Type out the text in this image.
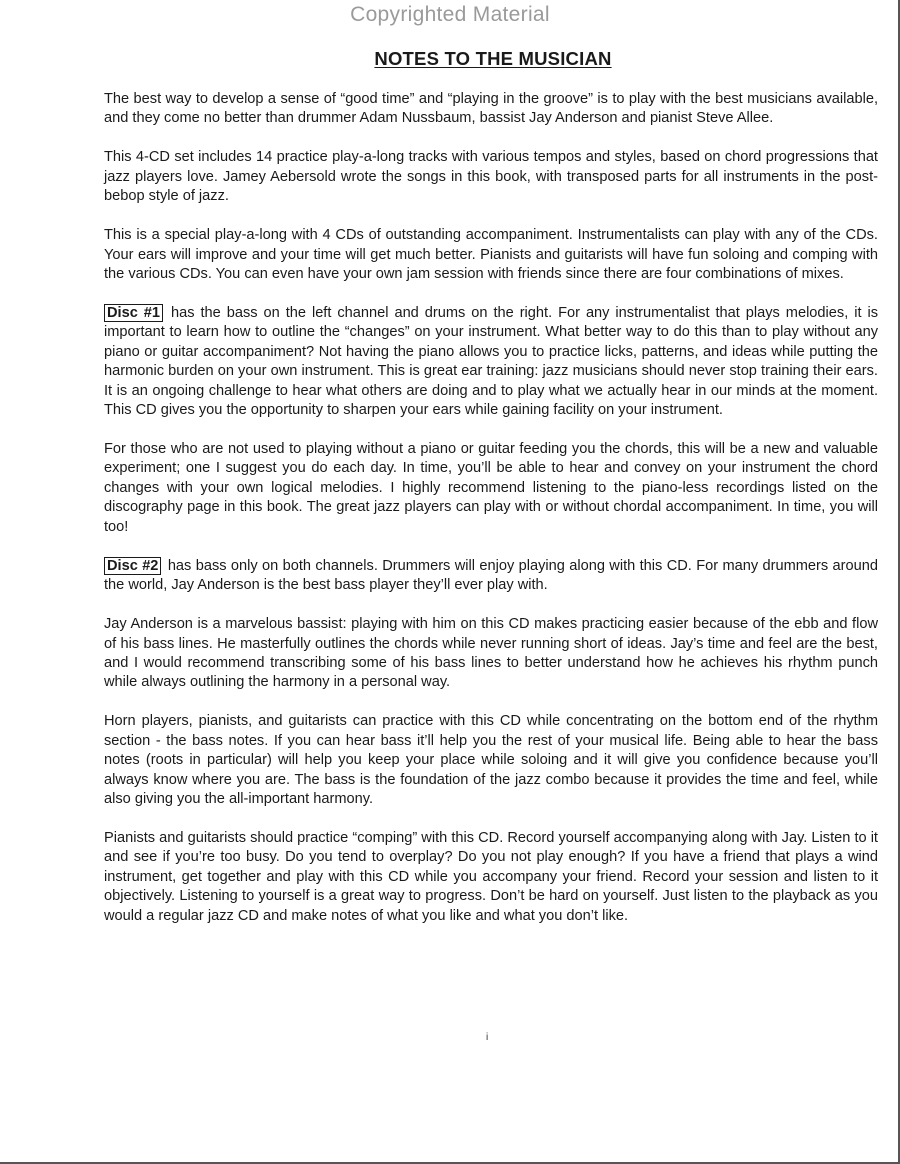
Copyrighted Material
NOTES TO THE MUSICIAN

The best way to develop a sense of “good time” and “playing in the groove” is to play with the best musicians available, and they come no better than drummer Adam Nussbaum, bassist Jay Anderson and pianist Steve Allee.

This 4-CD set includes 14 practice play-a-long tracks with various tempos and styles, based on chord progressions that jazz players love. Jamey Aebersold wrote the songs in this book, with transposed parts for all instruments in the post-bebop style of jazz.

This is a special play-a-long with 4 CDs of outstanding accompaniment. Instrumentalists can play with any of the CDs. Your ears will improve and your time will get much better. Pianists and guitarists will have fun soloing and comping with the various CDs. You can even have your own jam session with friends since there are four combinations of mixes.

Disc #1 has the bass on the left channel and drums on the right. For any instrumentalist that plays melodies, it is important to learn how to outline the “changes” on your instrument. What better way to do this than to play without any piano or guitar accompaniment? Not having the piano allows you to practice licks, patterns, and ideas while putting the harmonic burden on your own instrument. This is great ear training: jazz musicians should never stop training their ears. It is an ongoing challenge to hear what others are doing and to play what we actually hear in our minds at the moment. This CD gives you the opportunity to sharpen your ears while gaining facility on your instrument.

For those who are not used to playing without a piano or guitar feeding you the chords, this will be a new and valuable experiment; one I suggest you do each day. In time, you’ll be able to hear and convey on your instrument the chord changes with your own logical melodies. I highly recommend listening to the piano-less recordings listed on the discography page in this book. The great jazz players can play with or without chordal accompaniment. In time, you will too!

Disc #2 has bass only on both channels. Drummers will enjoy playing along with this CD. For many drummers around the world, Jay Anderson is the best bass player they’ll ever play with.

Jay Anderson is a marvelous bassist: playing with him on this CD makes practicing easier because of the ebb and flow of his bass lines. He masterfully outlines the chords while never running short of ideas. Jay’s time and feel are the best, and I would recommend transcribing some of his bass lines to better understand how he achieves his rhythm punch while always outlining the harmony in a personal way.

Horn players, pianists, and guitarists can practice with this CD while concentrating on the bottom end of the rhythm section - the bass notes. If you can hear bass it’ll help you the rest of your musical life. Being able to hear the bass notes (roots in particular) will help you keep your place while soloing and it will give you confidence because you’ll always know where you are. The bass is the foundation of the jazz combo because it provides the time and feel, while also giving you the all-important harmony.

Pianists and guitarists should practice “comping” with this CD. Record yourself accompanying along with Jay. Listen to it and see if you’re too busy. Do you tend to overplay? Do you not play enough? If you have a friend that plays a wind instrument, get together and play with this CD while you accompany your friend. Record your session and listen to it objectively. Listening to yourself is a great way to progress. Don’t be hard on yourself. Just listen to the playback as you would a regular jazz CD and make notes of what you like and what you don’t like.

i
